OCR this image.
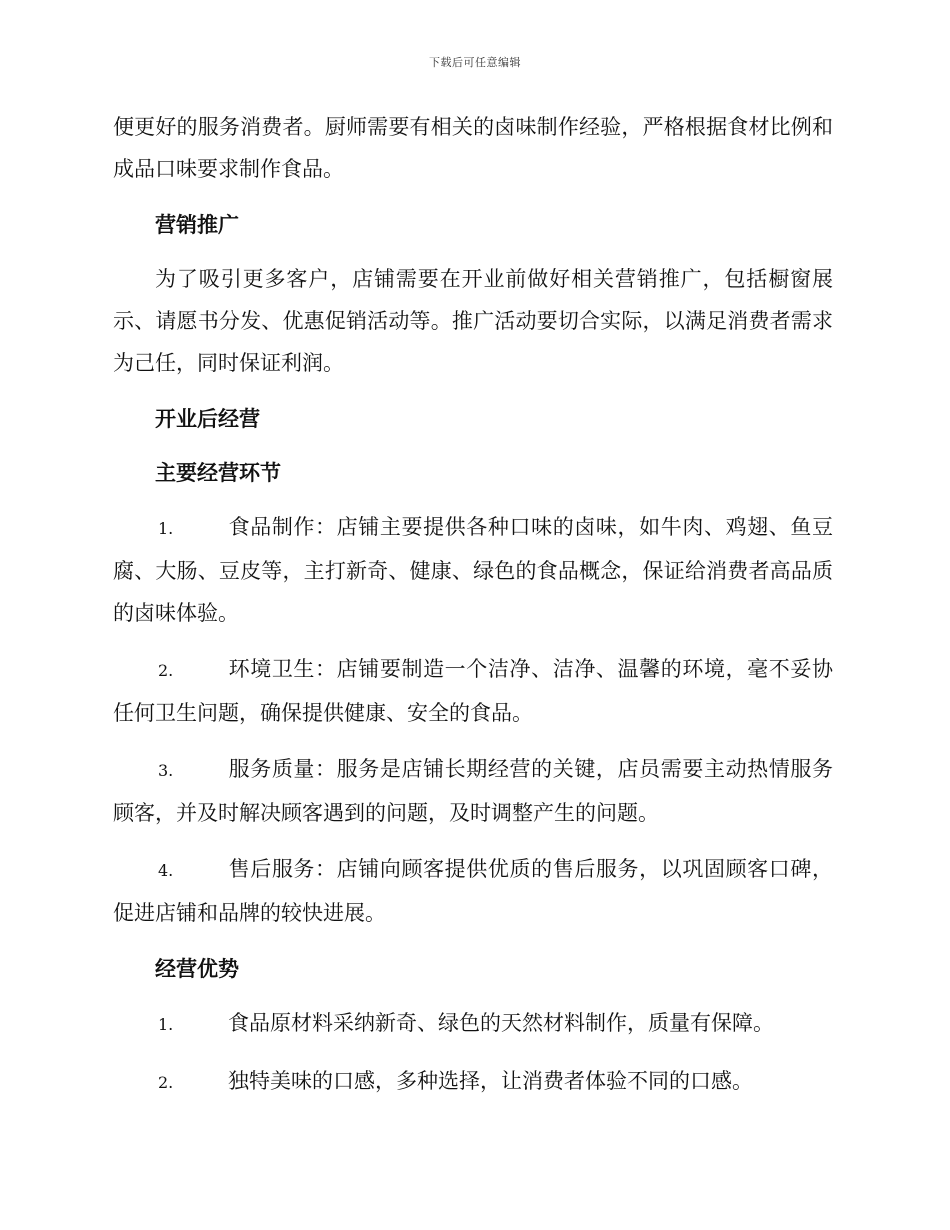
下载后可任意编辑

便更好的服务消费者。厨师需要有相关的卤味制作经验，严格根据食材比例和成品口味要求制作食品。

营销推广

为了吸引更多客户，店铺需要在开业前做好相关营销推广，包括橱窗展示、请愿书分发、优惠促销活动等。推广活动要切合实际，以满足消费者需求为己任，同时保证利润。

开业后经营
主要经营环节
1.	食品制作：店铺主要提供各种口味的卤味，如牛肉、鸡翅、鱼豆腐、大肠、豆皮等，主打新奇、健康、绿色的食品概念，保证给消费者高品质的卤味体验。
2.	环境卫生：店铺要制造一个洁净、洁净、温馨的环境，毫不妥协任何卫生问题，确保提供健康、安全的食品。
3.	服务质量：服务是店铺长期经营的关键，店员需要主动热情服务顾客，并及时解决顾客遇到的问题，及时调整产生的问题。
4.	售后服务：店铺向顾客提供优质的售后服务，以巩固顾客口碑，促进店铺和品牌的较快进展。
经营优势
1.	食品原材料采纳新奇、绿色的天然材料制作，质量有保障。
2.	独特美味的口感，多种选择，让消费者体验不同的口感。
